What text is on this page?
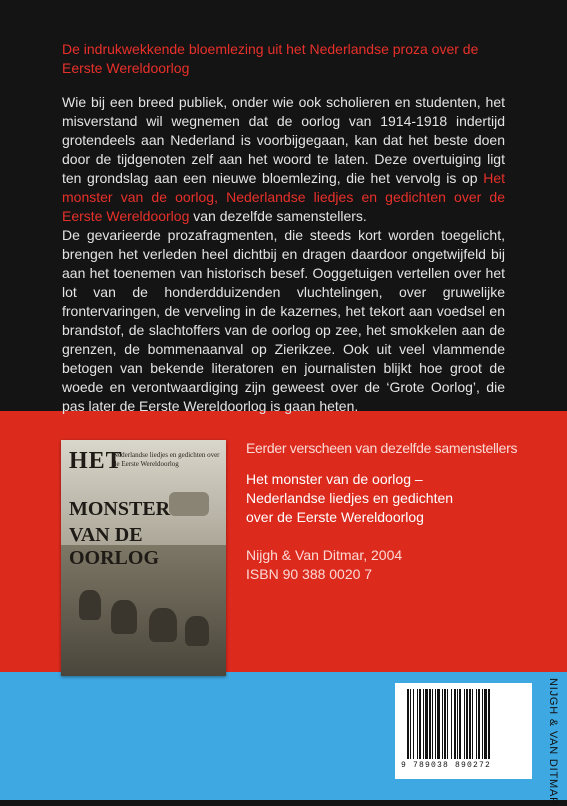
De indrukwekkende bloemlezing uit het Nederlandse proza over de Eerste Wereldoorlog

Wie bij een breed publiek, onder wie ook scholieren en studenten, het misverstand wil wegnemen dat de oorlog van 1914-1918 indertijd grotendeels aan Nederland is voorbijgegaan, kan dat het beste doen door de tijdgenoten zelf aan het woord te laten. Deze overtuiging ligt ten grondslag aan een nieuwe bloemlezing, die het vervolg is op Het monster van de oorlog, Nederlandse liedjes en gedichten over de Eerste Wereldoorlog van dezelfde samenstellers.

De gevarieerde prozafragmenten, die steeds kort worden toegelicht, brengen het verleden heel dichtbij en dragen daardoor ongetwijfeld bij aan het toenemen van historisch besef. Ooggetuigen vertellen over het lot van de honderdduizenden vluchtelingen, over gruwelijke frontervaringen, de verveling in de kazernes, het tekort aan voedsel en brandstof, de slachtoffers van de oorlog op zee, het smokkelen aan de grenzen, de bommenaanval op Zierikzee. Ook uit veel vlammende betogen van bekende literatoren en journalisten blijkt hoe groot de woede en verontwaardiging zijn geweest over de ‘Grote Oorlog’, die pas later de Eerste Wereldoorlog is gaan heten.

HET
Nederlandse liedjes en gedichten over de Eerste Wereldoorlog
MONSTER
VAN DE OORLOG
Eerder verscheen van dezelfde samenstellers
Het monster van de oorlog –
Nederlandse liedjes en gedichten
over de Eerste Wereldoorlog
Nijgh & Van Ditmar, 2004
ISBN 90 388 0020 7
9 789038 890272	NIJGH & VAN DITMAR
